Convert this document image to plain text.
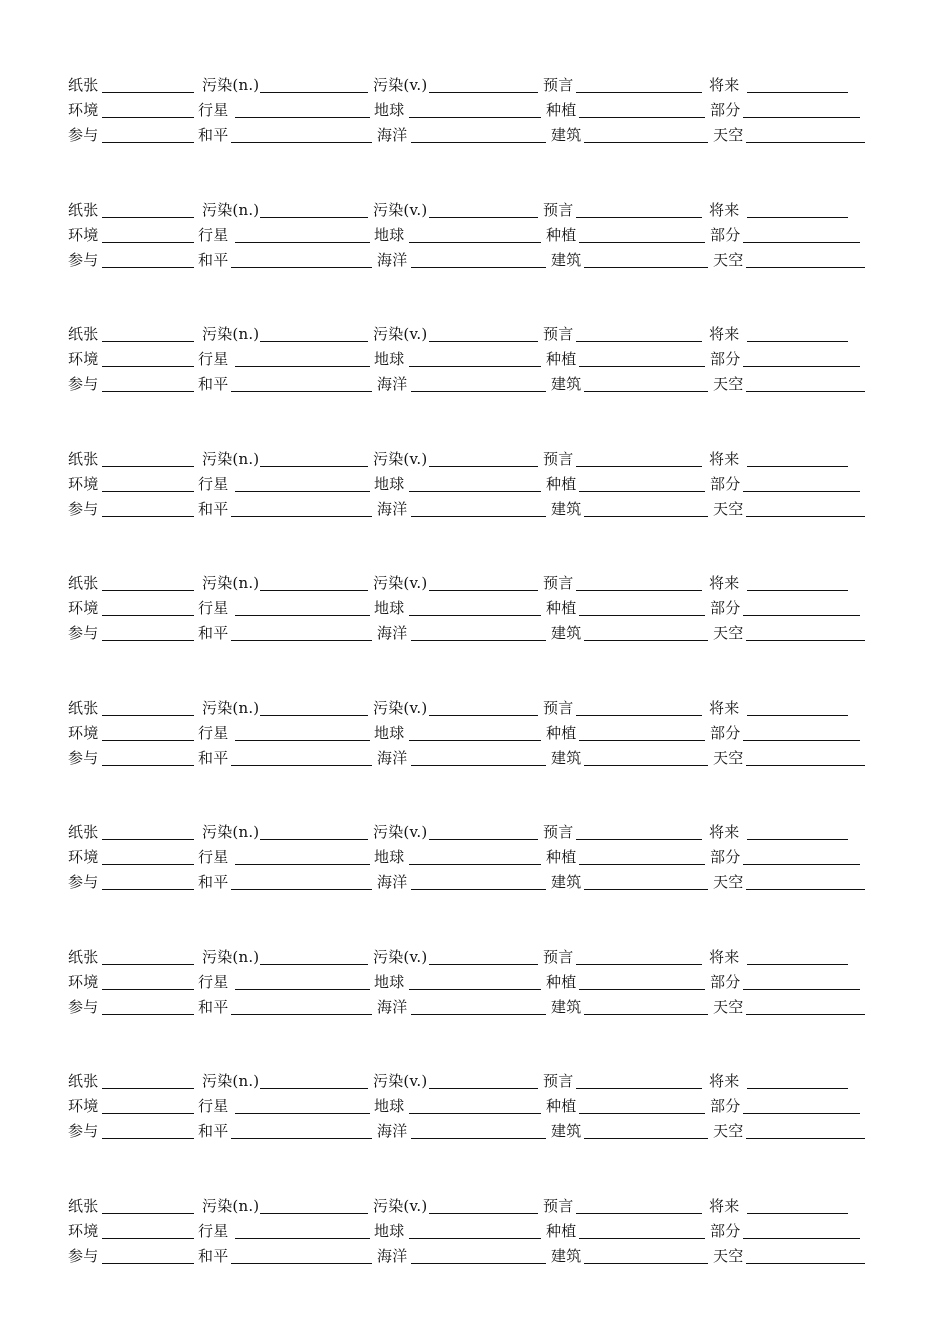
纸张	污染(n.)	污染(v.)	预言	将来
环境	行星	地球	种植	部分
参与	和平	海洋	建筑	天空
纸张	污染(n.)	污染(v.)	预言	将来
环境	行星	地球	种植	部分
参与	和平	海洋	建筑	天空
纸张	污染(n.)	污染(v.)	预言	将来
环境	行星	地球	种植	部分
参与	和平	海洋	建筑	天空
纸张	污染(n.)	污染(v.)	预言	将来
环境	行星	地球	种植	部分
参与	和平	海洋	建筑	天空
纸张	污染(n.)	污染(v.)	预言	将来
环境	行星	地球	种植	部分
参与	和平	海洋	建筑	天空
纸张	污染(n.)	污染(v.)	预言	将来
环境	行星	地球	种植	部分
参与	和平	海洋	建筑	天空
纸张	污染(n.)	污染(v.)	预言	将来
环境	行星	地球	种植	部分
参与	和平	海洋	建筑	天空
纸张	污染(n.)	污染(v.)	预言	将来
环境	行星	地球	种植	部分
参与	和平	海洋	建筑	天空
纸张	污染(n.)	污染(v.)	预言	将来
环境	行星	地球	种植	部分
参与	和平	海洋	建筑	天空
纸张	污染(n.)	污染(v.)	预言	将来
环境	行星	地球	种植	部分
参与	和平	海洋	建筑	天空
